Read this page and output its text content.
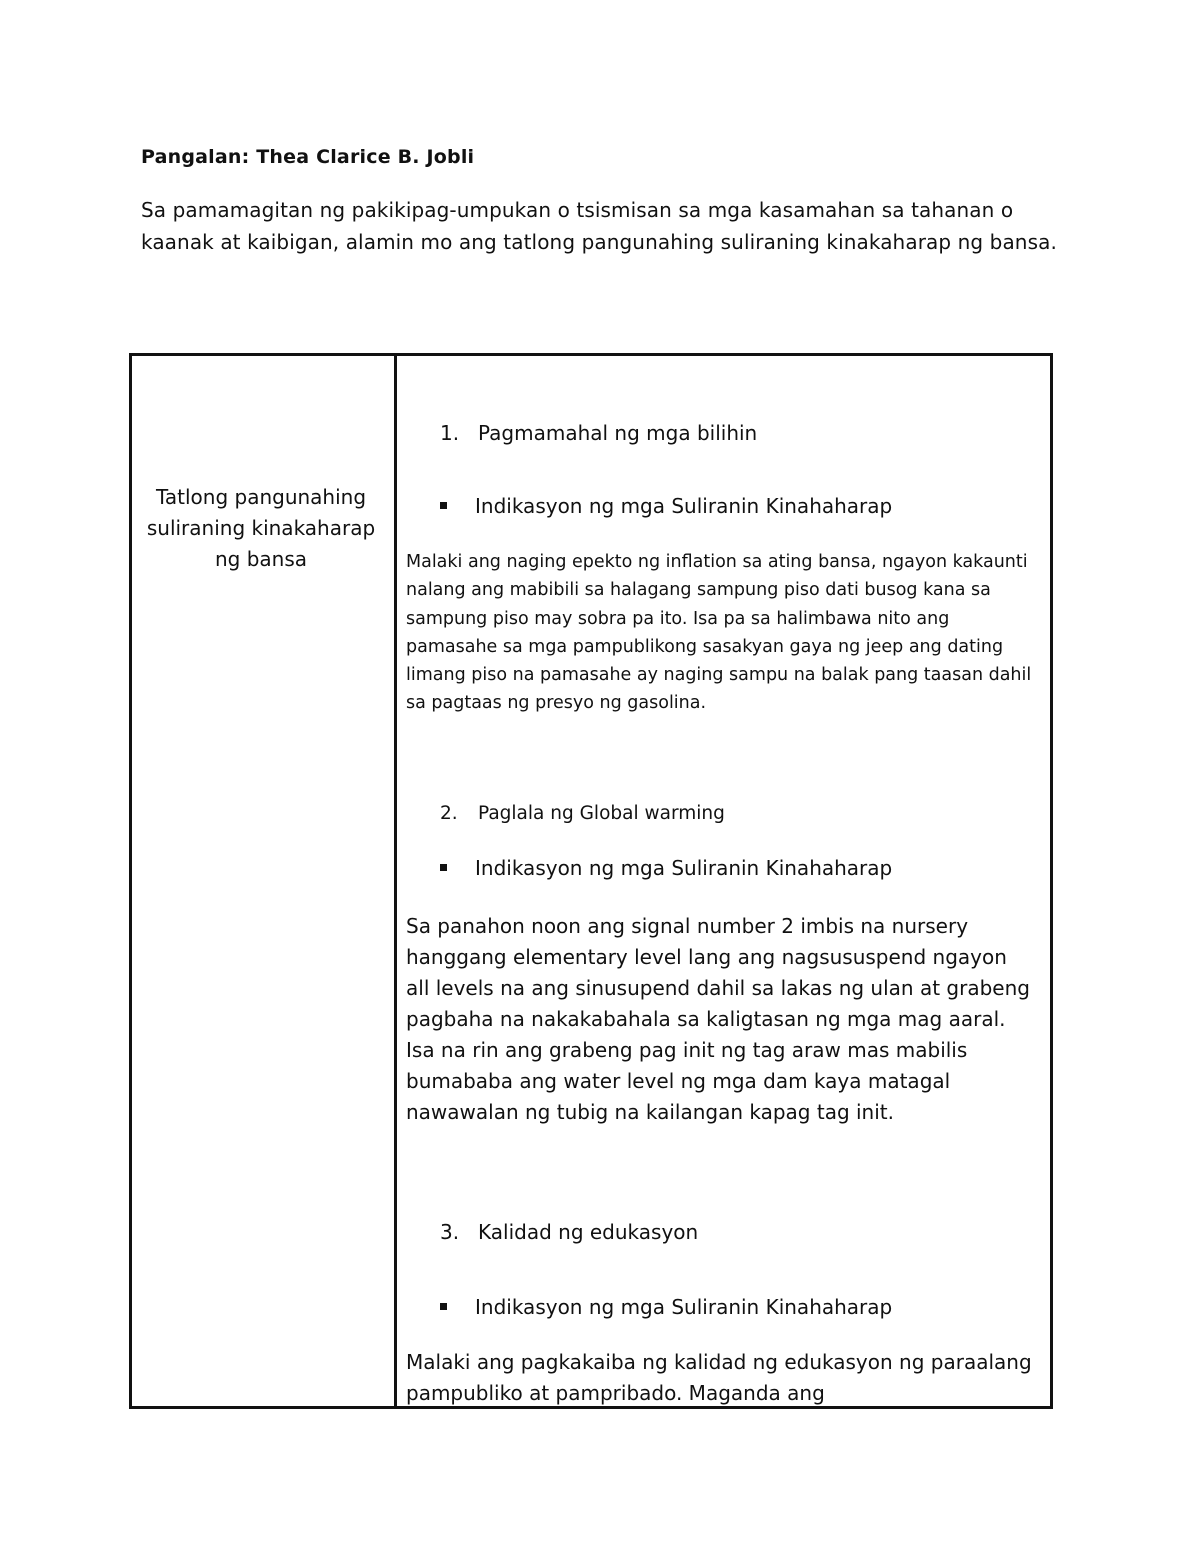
Pangalan: Thea Clarice B. Jobli
Sa pamamagitan ng pakikipag-umpukan o tsismisan sa mga kasamahan sa tahanan o kaanak at kaibigan, alamin mo ang tatlong pangunahing suliraning kinakaharap ng bansa.
Tatlong pangunahing suliraning kinakaharap ng bansa
1. Pagmamahal ng mga bilihin
Indikasyon ng mga Suliranin Kinahaharap
Malaki ang naging epekto ng inflation sa ating bansa, ngayon kakaunti nalang ang mabibili sa halagang sampung piso dati busog kana sa sampung piso may sobra pa ito. Isa pa sa halimbawa nito ang pamasahe sa mga pampublikong sasakyan gaya ng jeep ang dating limang piso na pamasahe ay naging sampu na balak pang taasan dahil sa pagtaas ng presyo ng gasolina.
2. Paglala ng Global warming
Indikasyon ng mga Suliranin Kinahaharap
Sa panahon noon ang signal number 2 imbis na nursery hanggang elementary level lang ang nagsususpend ngayon all levels na ang sinusupend dahil sa lakas ng ulan at grabeng pagbaha na nakakabahala sa kaligtasan ng mga mag aaral. Isa na rin ang grabeng pag init ng tag araw mas mabilis bumababa ang water level ng mga dam kaya matagal nawawalan ng tubig na kailangan kapag tag init.
3. Kalidad ng edukasyon
Indikasyon ng mga Suliranin Kinahaharap
Malaki ang pagkakaiba ng kalidad ng edukasyon ng paraalang pampubliko at pampribado. Maganda ang
